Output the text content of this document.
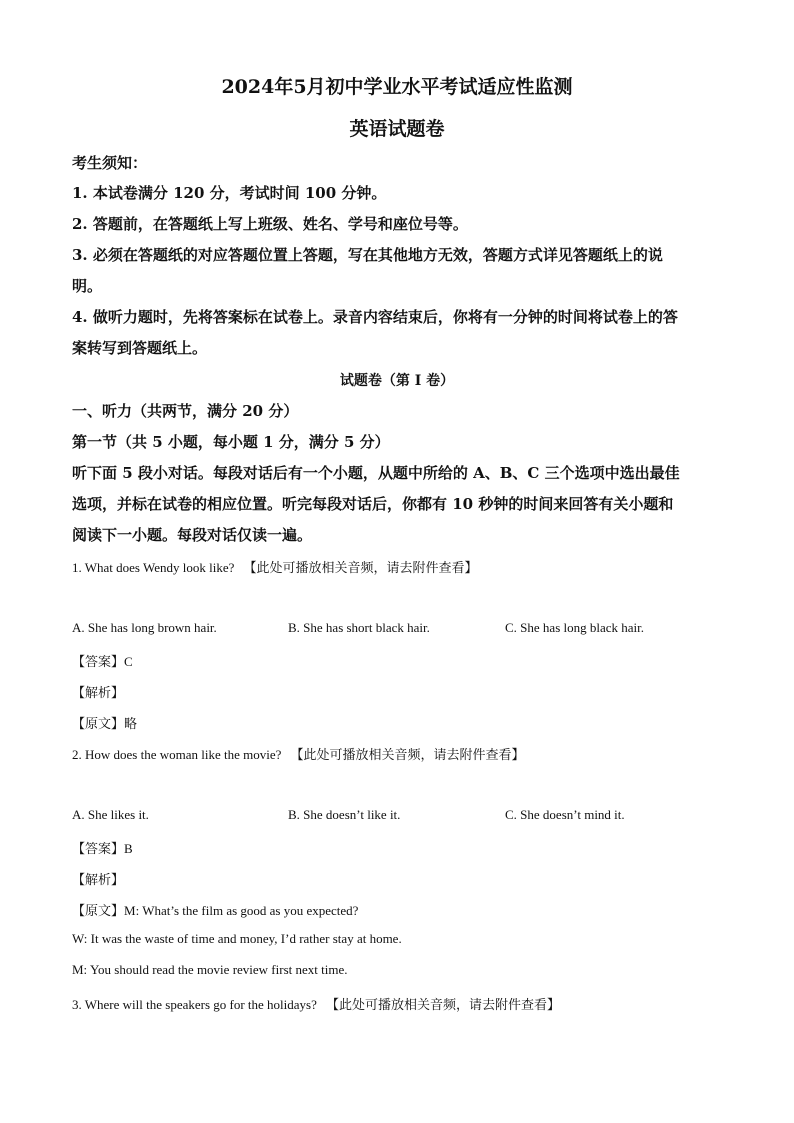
2024年5月初中学业水平考试适应性监测
英语试题卷
考生须知：
1. 本试卷满分 120 分，考试时间 100 分钟。
2. 答题前，在答题纸上写上班级、姓名、学号和座位号等。
3. 必须在答题纸的对应答题位置上答题，写在其他地方无效，答题方式详见答题纸上的说
明。
4. 做听力题时，先将答案标在试卷上。录音内容结束后，你将有一分钟的时间将试卷上的答
案转写到答题纸上。
试题卷（第 I 卷）
一、听力（共两节，满分 20 分）
第一节（共 5 小题，每小题 1 分，满分 5 分）
听下面 5 段小对话。每段对话后有一个小题，从题中所给的 A、B、C 三个选项中选出最佳
选项，并标在试卷的相应位置。听完每段对话后，你都有 10 秒钟的时间来回答有关小题和
阅读下一小题。每段对话仅读一遍。
1. What does Wendy look like? 【此处可播放相关音频，请去附件查看】
A. She has long brown hair.	B. She has short black hair.	C. She has long black hair.
【答案】C
【解析】
【原文】略
2. How does the woman like the movie? 【此处可播放相关音频，请去附件查看】
A. She likes it.	B. She doesn’t like it.	C. She doesn’t mind it.
【答案】B
【解析】
【原文】M: What’s the film as good as you expected?
W: It was the waste of time and money, I’d rather stay at home.
M: You should read the movie review first next time.
3. Where will the speakers go for the holidays? 【此处可播放相关音频，请去附件查看】
